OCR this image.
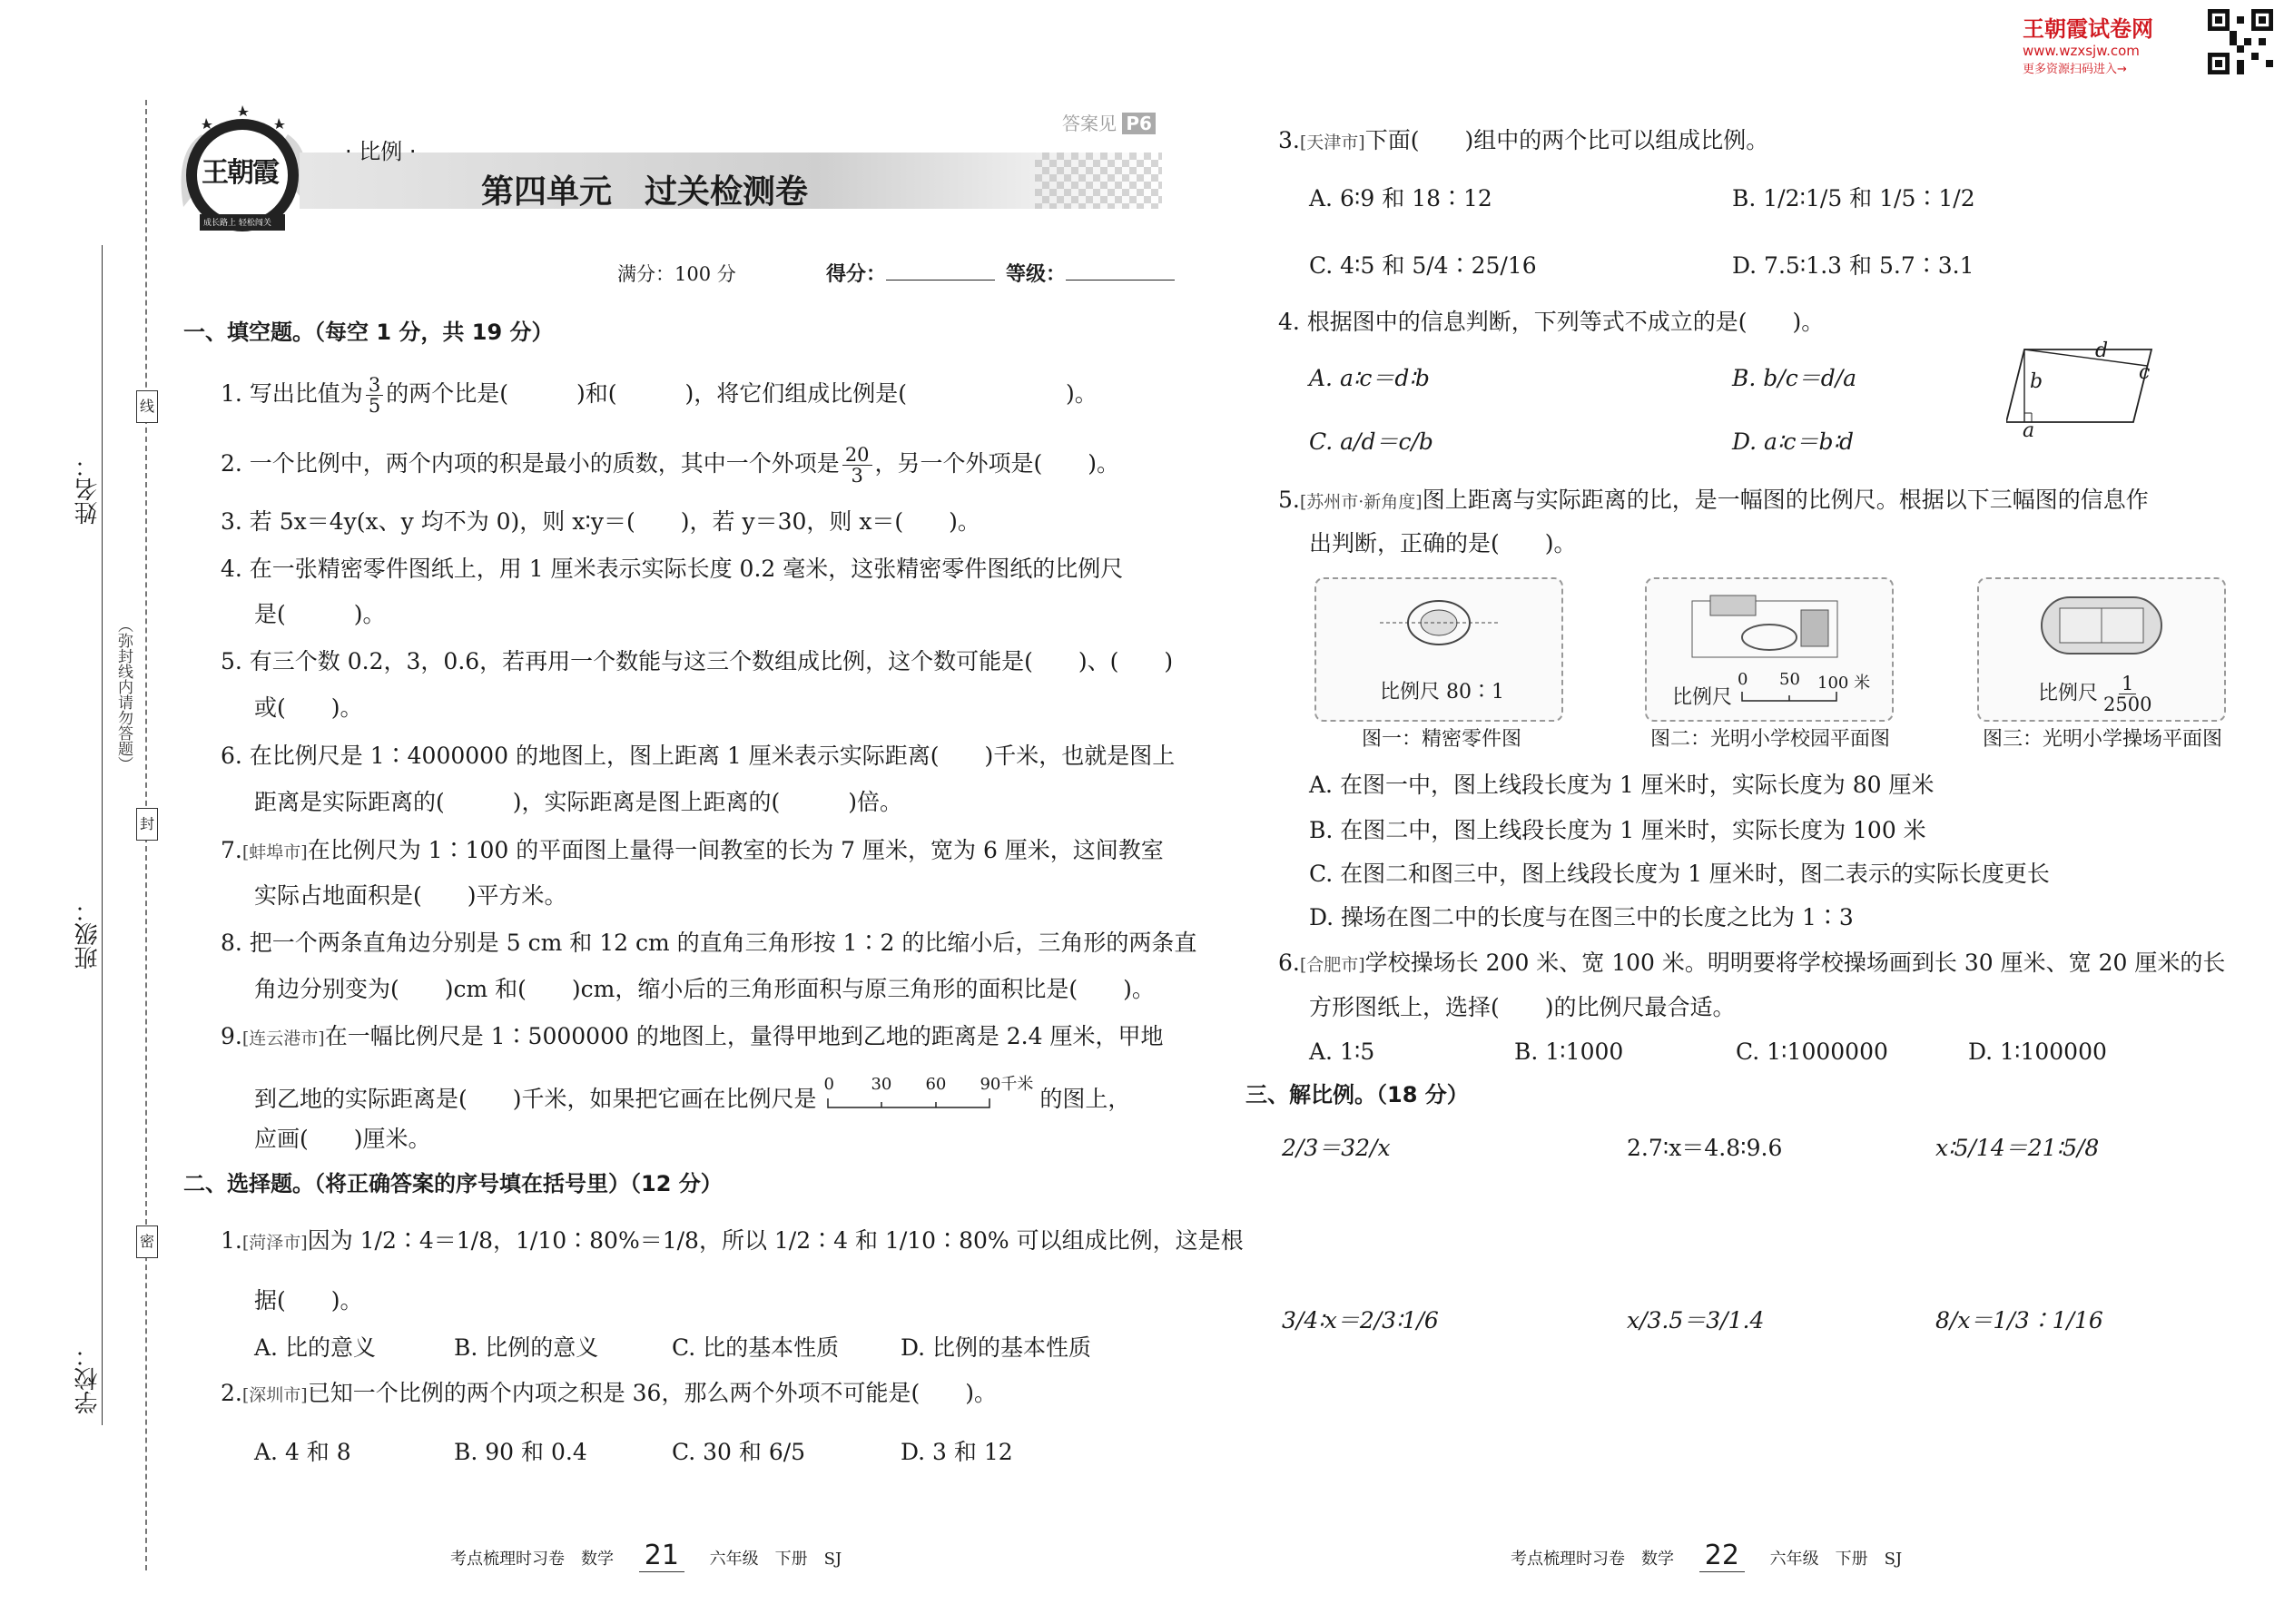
王朝霞试卷网
www.wzxsjw.com
更多资源扫码进入→
姓名：
班级：
学校：
（弥封线内请勿答题）
线
封
密
王朝霞
成长路上 轻松闯关
· 比例 ·
第四单元　过关检测卷
答案见 P6
满分：100 分	得分：	等级：
一、填空题。（每空 1 分，共 19 分）
1. 写出比值为 $\frac{3}{5}$ 的两个比是(　　　)和(　　　)，将它们组成比例是(　　　　　　　)。
2. 一个比例中，两个内项的积是最小的质数，其中一个外项是 $\frac{20}{3}$ ，另一个外项是(　　)。
3. 若 5x＝4y(x、y 均不为 0)，则 x∶y＝(　　)，若 y＝30，则 x＝(　　)。
4. 在一张精密零件图纸上，用 1 厘米表示实际长度 0.2 毫米，这张精密零件图纸的比例尺
是(　　　)。
5. 有三个数 0.2，3，0.6，若再用一个数能与这三个数组成比例，这个数可能是(　　)、(　　)
或(　　)。
6. 在比例尺是 1∶4000000 的地图上，图上距离 1 厘米表示实际距离(　　)千米，也就是图上
距离是实际距离的(　　　)，实际距离是图上距离的(　　　)倍。
7.[蚌埠市]在比例尺为 1∶100 的平面图上量得一间教室的长为 7 厘米，宽为 6 厘米，这间教室
实际占地面积是(　　)平方米。
8. 把一个两条直角边分别是 5 cm 和 12 cm 的直角三角形按 1∶2 的比缩小后，三角形的两条直
角边分别变为(　　)cm 和(　　)cm，缩小后的三角形面积与原三角形的面积比是(　　)。
9.[连云港市]在一幅比例尺是 1∶5000000 的地图上，量得甲地到乙地的距离是 2.4 厘米，甲地
到乙地的实际距离是(　　)千米，如果把它画在比例尺是
0 30 60 90千米
的图上，
应画(　　)厘米。
二、选择题。（将正确答案的序号填在括号里）（12 分）
1.[菏泽市]因为 1/2∶4＝1/8，1/10∶80%＝1/8，所以 1/2∶4 和 1/10∶80% 可以组成比例，这是根
据(　　)。
A. 比的意义	B. 比例的意义	C. 比的基本性质	D. 比例的基本性质
2.[深圳市]已知一个比例的两个内项之积是 36，那么两个外项不可能是(　　)。
A. 4 和 8	B. 90 和 0.4	C. 30 和 6/5	D. 3 和 12
3.[天津市]下面(　　)组中的两个比可以组成比例。
A. 6∶9 和 18∶12	B. 1/2∶1/5 和 1/5∶1/2
C. 4∶5 和 5/4∶25/16	D. 7.5∶1.3 和 5.7∶3.1
4. 根据图中的信息判断，下列等式不成立的是(　　)。
A. a∶c＝d∶b	B. b/c＝d/a
C. a/d＝c/b	D. a∶c＝b∶d
d
c
b
a
5.[苏州市·新角度]图上距离与实际距离的比，是一幅图的比例尺。根据以下三幅图的信息作
出判断，正确的是(　　)。
比例尺 80∶1
图一：精密零件图
比例尺
0 50 100 米
图二：光明小学校园平面图
比例尺 $\frac{1}{2500}$
图三：光明小学操场平面图
A. 在图一中，图上线段长度为 1 厘米时，实际长度为 80 厘米
B. 在图二中，图上线段长度为 1 厘米时，实际长度为 100 米
C. 在图二和图三中，图上线段长度为 1 厘米时，图二表示的实际长度更长
D. 操场在图二中的长度与在图三中的长度之比为 1∶3
6.[合肥市]学校操场长 200 米、宽 100 米。明明要将学校操场画到长 30 厘米、宽 20 厘米的长
方形图纸上，选择(　　)的比例尺最合适。
A. 1∶5	B. 1∶1000	C. 1∶1000000	D. 1∶100000
三、解比例。（18 分）
2/3＝32/x	2.7∶x＝4.8∶9.6	x∶5/14＝21∶5/8
3/4∶x＝2/3∶1/6	x/3.5＝3/1.4	8/x＝1/3∶1/16
考点梳理时习卷　数学 21 六年级　下册　SJ	考点梳理时习卷　数学 22 六年级　下册　SJ
